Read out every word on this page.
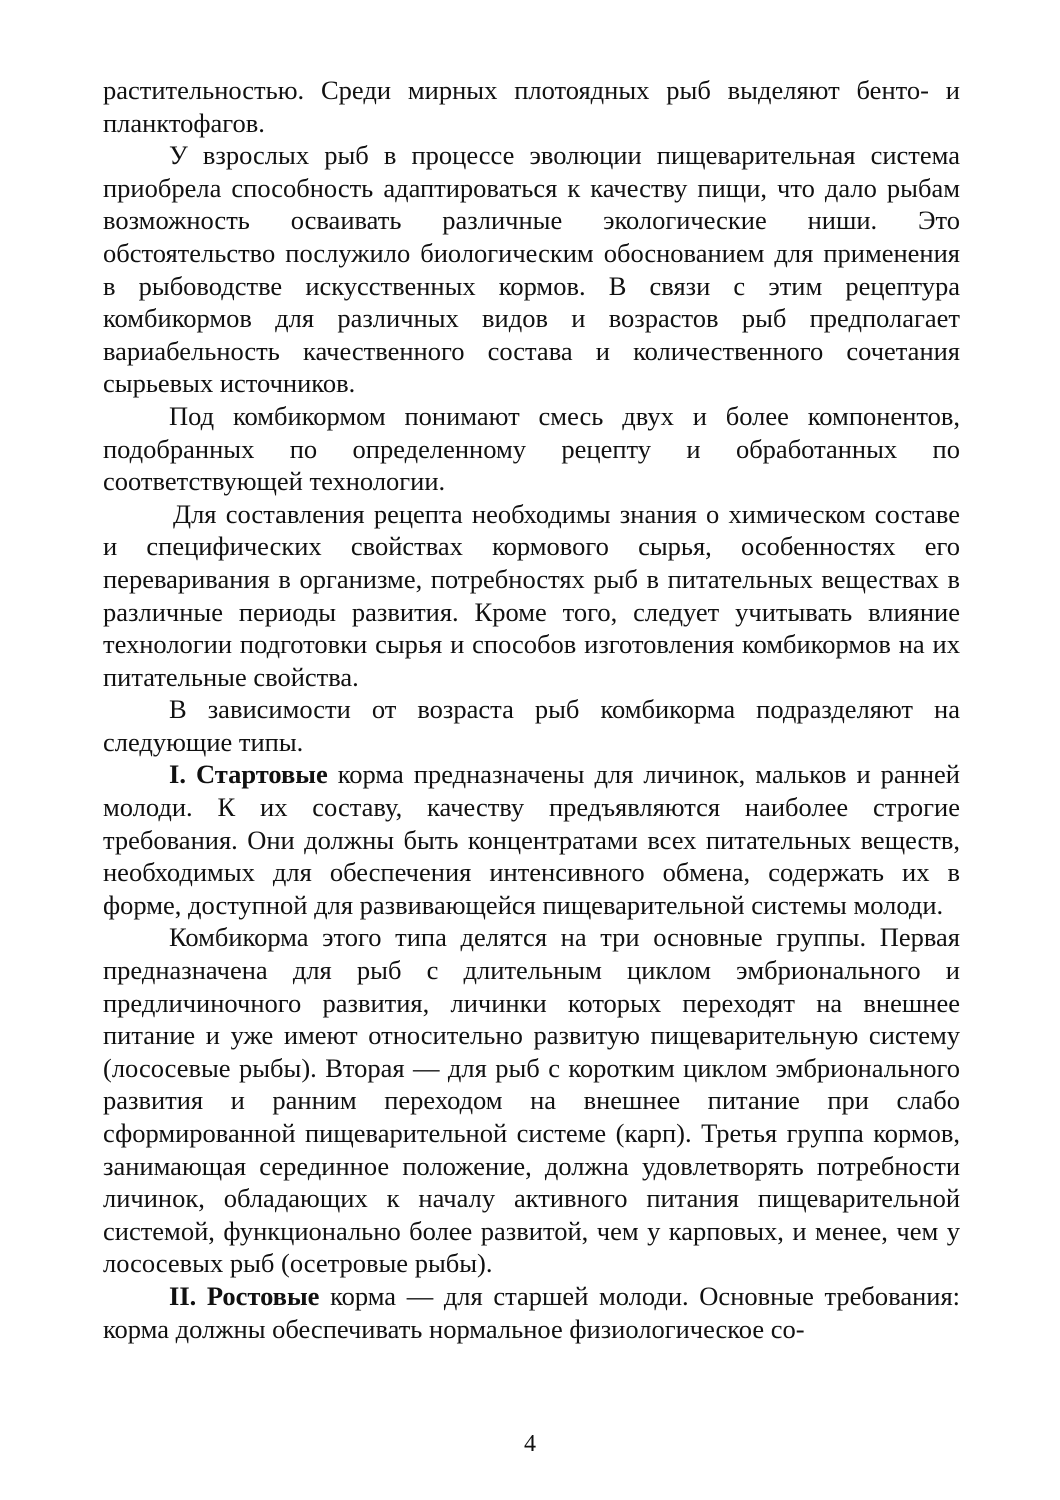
растительностью. Среди мирных плотоядных рыб выделяют бенто- и планктофагов.

У взрослых рыб в процессе эволюции пищеварительная система приобрела способность адаптироваться к качеству пищи, что дало рыбам возможность осваивать различные экологические ниши. Это обстоятельство послужило биологическим обоснованием для применения в рыбоводстве искусственных кормов. В связи с этим рецептура комбикормов для различных видов и возрастов рыб предполагает вариабельность качественного состава и количественного сочетания сырьевых источников.

Под комбикормом понимают смесь двух и более компонентов, подобранных по определенному рецепту и обработанных по соответствующей технологии.

Для составления рецепта необходимы знания о химическом составе и специфических свойствах кормового сырья, особенностях его переваривания в организме, потребностях рыб в питательных веществах в различные периоды развития. Кроме того, следует учитывать влияние технологии подготовки сырья и способов изготовления комбикормов на их питательные свойства.

В зависимости от возраста рыб комбикорма подразделяют на следующие типы.

I. Стартовые корма предназначены для личинок, мальков и ранней молоди. К их составу, качеству предъявляются наиболее строгие требования. Они должны быть концентратами всех питательных веществ, необходимых для обеспечения интенсивного обмена, содержать их в форме, доступной для развивающейся пищеварительной системы молоди.

Комбикорма этого типа делятся на три основные группы. Первая предназначена для рыб с длительным циклом эмбрионального и предличиночного развития, личинки которых переходят на внешнее питание и уже имеют относительно развитую пищеварительную систему (лососевые рыбы). Вторая — для рыб с коротким циклом эмбрионального развития и ранним переходом на внешнее питание при слабо сформированной пищеварительной системе (карп). Третья группа кормов, занимающая серединное положение, должна удовлетворять потребности личинок, обладающих к началу активного питания пищеварительной системой, функционально более развитой, чем у карповых, и менее, чем у лососевых рыб (осетровые рыбы).

II. Ростовые корма — для старшей молоди. Основные требования: корма должны обеспечивать нормальное физиологическое со-

4
